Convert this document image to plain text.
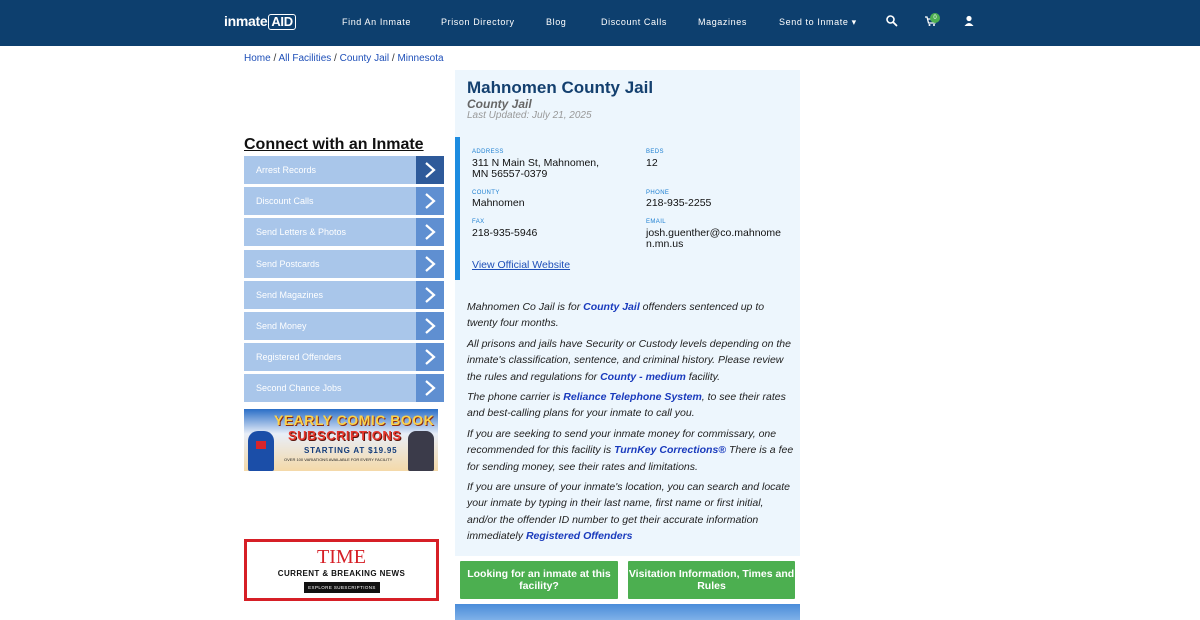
inmate AID	Find An Inmate	Prison Directory	Blog	Discount Calls	Magazines	Send to Inmate ▾	0
Home / All Facilities / County Jail / Minnesota
Connect with an Inmate
Arrest Records
Discount Calls
Send Letters & Photos
Send Postcards
Send Magazines
Send Money
Registered Offenders
Second Chance Jobs
YEARLY COMIC BOOK
SUBSCRIPTIONS
STARTING AT $19.95
OVER 100 VARIATIONS AVAILABLE FOR EVERY FACILITY
TIME
CURRENT & BREAKING NEWS
EXPLORE SUBSCRIPTIONS
Mahnomen County Jail
County Jail
Last Updated: July 21, 2025
ADDRESS
311 N Main St, Mahnomen,
MN 56557-0379
BEDS
12
COUNTY
Mahnomen
PHONE
218-935-2255
FAX
218-935-5946
EMAIL
josh.guenther@co.mahnome
n.mn.us
View Official Website

Mahnomen Co Jail is for County Jail offenders sentenced up to twenty four months.

All prisons and jails have Security or Custody levels depending on the inmate's classification, sentence, and criminal history. Please review the rules and regulations for County - medium facility.

The phone carrier is Reliance Telephone System, to see their rates and best-calling plans for your inmate to call you.

If you are seeking to send your inmate money for commissary, one recommended for this facility is TurnKey Corrections® There is a fee for sending money, see their rates and limitations.

If you are unsure of your inmate's location, you can search and locate your inmate by typing in their last name, first name or first initial, and/or the offender ID number to get their accurate information immediately Registered Offenders

Looking for an inmate at this facility?
Visitation Information, Times and Rules
